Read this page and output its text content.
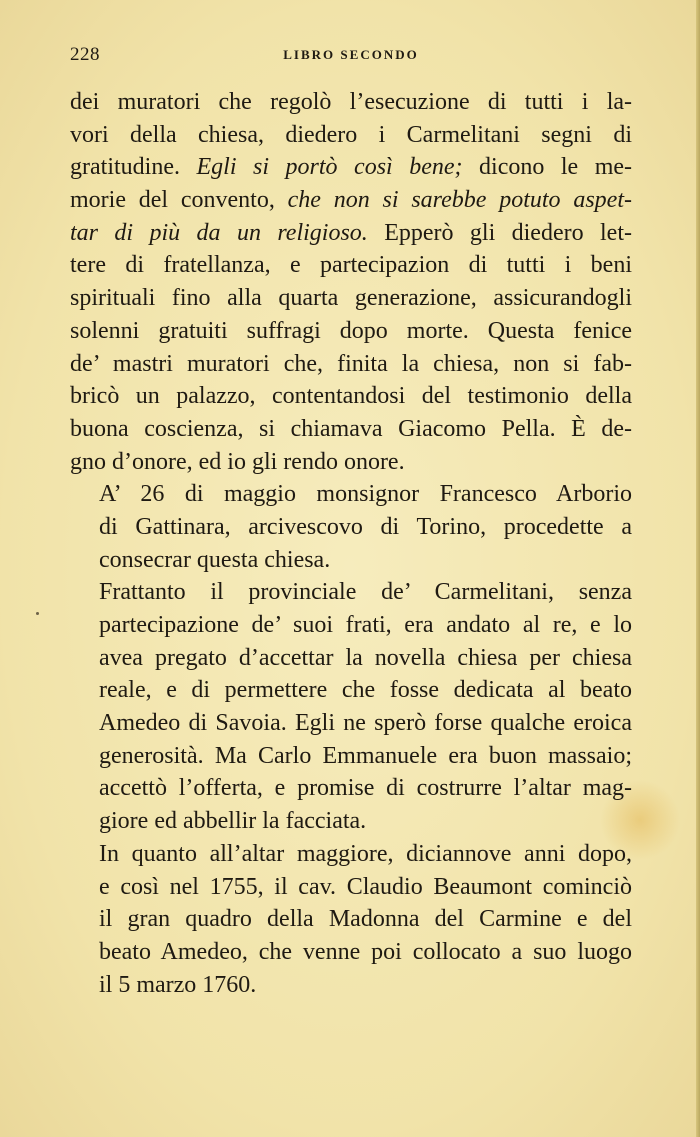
228	LIBRO SECONDO
dei muratori che regolò l’esecuzione di tutti i la-
vori della chiesa, diedero i Carmelitani segni di
gratitudine. Egli si portò così bene; dicono le me-
morie del convento, che non si sarebbe potuto aspet-
tar di più da un religioso. Epperò gli diedero let-
tere di fratellanza, e partecipazion di tutti i beni
spirituali fino alla quarta generazione, assicurandogli
solenni gratuiti suffragi dopo morte. Questa fenice
de’ mastri muratori che, finita la chiesa, non si fab-
bricò un palazzo, contentandosi del testimonio della
buona coscienza, si chiamava Giacomo Pella. È de-
gno d’onore, ed io gli rendo onore.
A’ 26 di maggio monsignor Francesco Arborio
di Gattinara, arcivescovo di Torino, procedette a
consecrar questa chiesa.
Frattanto il provinciale de’ Carmelitani, senza
partecipazione de’ suoi frati, era andato al re, e lo
avea pregato d’accettar la novella chiesa per chiesa
reale, e di permettere che fosse dedicata al beato
Amedeo di Savoia. Egli ne sperò forse qualche eroica
generosità. Ma Carlo Emmanuele era buon massaio;
accettò l’offerta, e promise di costrurre l’altar mag-
giore ed abbellir la facciata.
In quanto all’altar maggiore, diciannove anni dopo,
e così nel 1755, il cav. Claudio Beaumont cominciò
il gran quadro della Madonna del Carmine e del
beato Amedeo, che venne poi collocato a suo luogo
il 5 marzo 1760.
